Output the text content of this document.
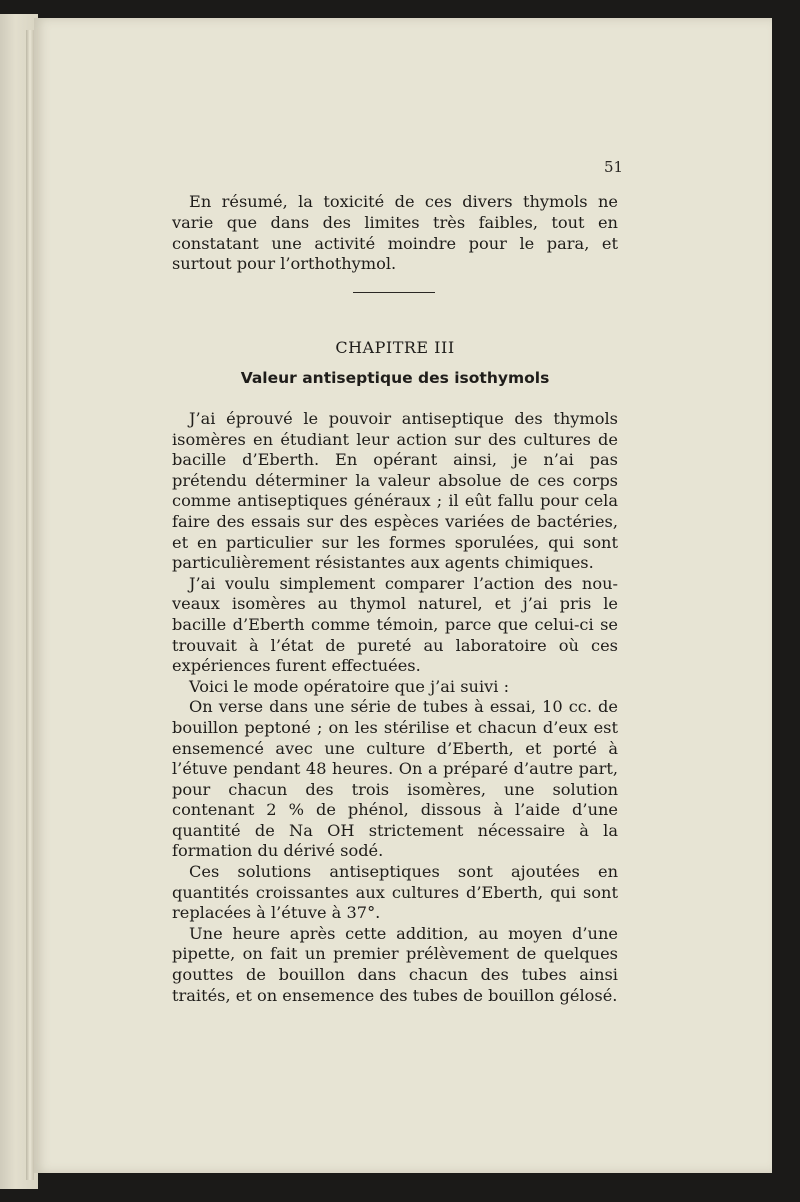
51

En résumé, la toxicité de ces divers thymols ne varie que dans des limites très faibles, tout en constatant une activité moindre pour le para, et surtout pour l’orthothymol.

CHAPITRE III
Valeur antiseptique des isothymols

J’ai éprouvé le pouvoir antiseptique des thymols isomères en étudiant leur action sur des cultures de bacille d’Eberth. En opérant ainsi, je n’ai pas prétendu déterminer la valeur absolue de ces corps comme antiseptiques généraux ; il eût fallu pour cela faire des essais sur des espèces variées de bactéries, et en particulier sur les formes sporulées, qui sont particulièrement résistantes aux agents chimiques.

J’ai voulu simplement comparer l’action des nouveaux isomères au thymol naturel, et j’ai pris le bacille d’Eberth comme témoin, parce que celui-ci se trouvait à l’état de pureté au laboratoire où ces expériences furent effectuées.

Voici le mode opératoire que j’ai suivi :

On verse dans une série de tubes à essai, 10 cc. de bouillon peptoné ; on les stérilise et chacun d’eux est ensemencé avec une culture d’Eberth, et porté à l’étuve pendant 48 heures. On a préparé d’autre part, pour chacun des trois isomères, une solution contenant 2 % de phénol, dissous à l’aide d’une quantité de Na OH strictement nécessaire à la formation du dérivé sodé.

Ces solutions antiseptiques sont ajoutées en quantités croissantes aux cultures d’Eberth, qui sont replacées à l’étuve à 37°.

Une heure après cette addition, au moyen d’une pipette, on fait un premier prélèvement de quelques gouttes de bouillon dans chacun des tubes ainsi traités, et on ensemence des tubes de bouillon gélosé.
